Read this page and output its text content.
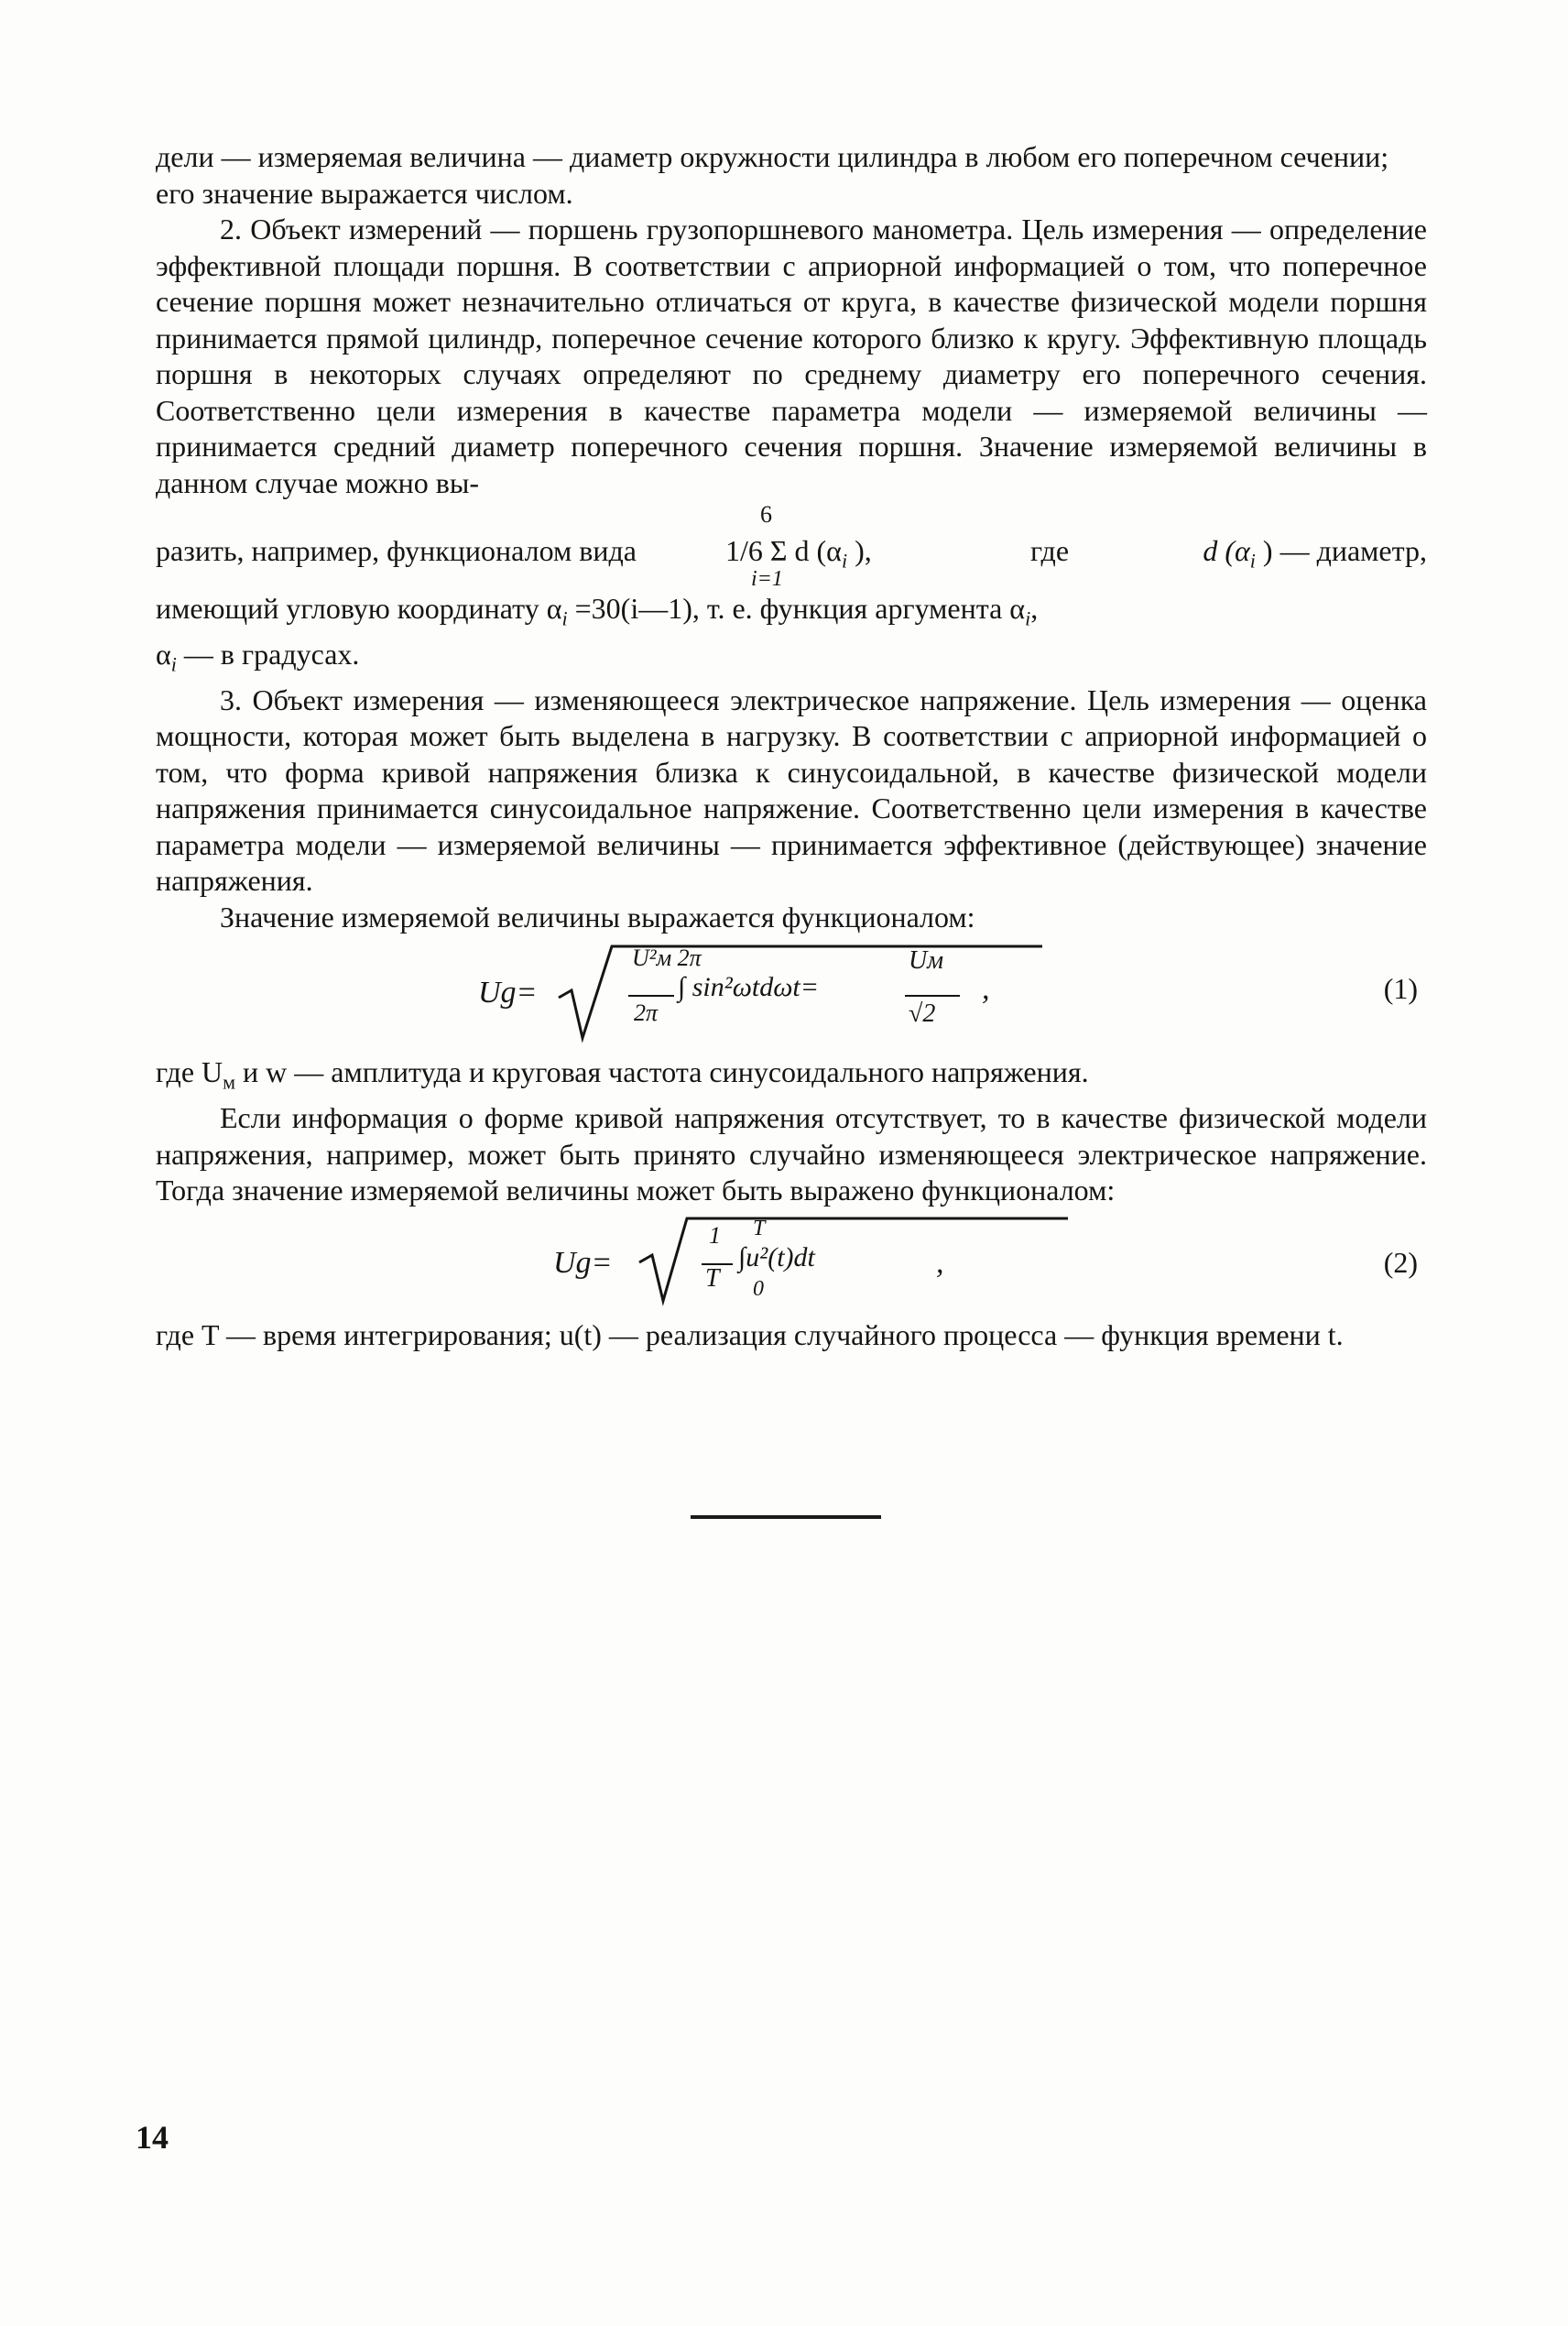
дели — измеряемая величина — диаметр окружности цилиндра в любом его поперечном сечении; его значение выражается числом.

2. Объект измерений — поршень грузопоршневого манометра. Цель измерения — определение эффективной площади поршня. В соответствии с априорной информацией о том, что поперечное сечение поршня может незначительно отличаться от круга, в качестве физической модели поршня принимается прямой цилиндр, поперечное сечение которого близко к кругу. Эффективную площадь поршня в некоторых случаях определяют по среднему диаметру его поперечного сечения. Соответственно цели измерения в качестве параметра модели — измеряемой величины — принимается средний диаметр поперечного сечения поршня. Значение измеряемой величины в данном случае можно вы-

разить, например, функционалом вида
6
1/6 Σ d ($\alpha_i$ ),
i=1
где	d ($\alpha_i$ ) — диаметр,

имеющий угловую координату $\alpha_i$ =30(i—1), т. е. функция аргумента $\alpha_i$,
$\alpha_i$ — в градусах.

3. Объект измерения — изменяющееся электрическое напряжение. Цель измерения — оценка мощности, которая может быть выделена в нагрузку. В соответствии с априорной информацией о том, что форма кривой напряжения близка к синусоидальной, в качестве физической модели напряжения принимается синусоидальное напряжение. Соответственно цели измерения в качестве параметра модели — измеряемой величины — принимается эффективное (действующее) значение напряжения.

Значение измеряемой величины выражается функционалом:

Ug=
U²м 2π
2π
∫ sin²ωtdωt=
Uм
√2
,	(1)

где $U_м$ и w — амплитуда и круговая частота синусоидального напряжения.

Если информация о форме кривой напряжения отсутствует, то в качестве физической модели напряжения, например, может быть принято случайно изменяющееся электрическое напряжение. Тогда значение измеряемой величины может быть выражено функционалом:

Ug=
1
T
T
0
∫u²(t)dt	,	(2)

где T — время интегрирования; u(t) — реализация случайного процесса — функция времени t.

14
